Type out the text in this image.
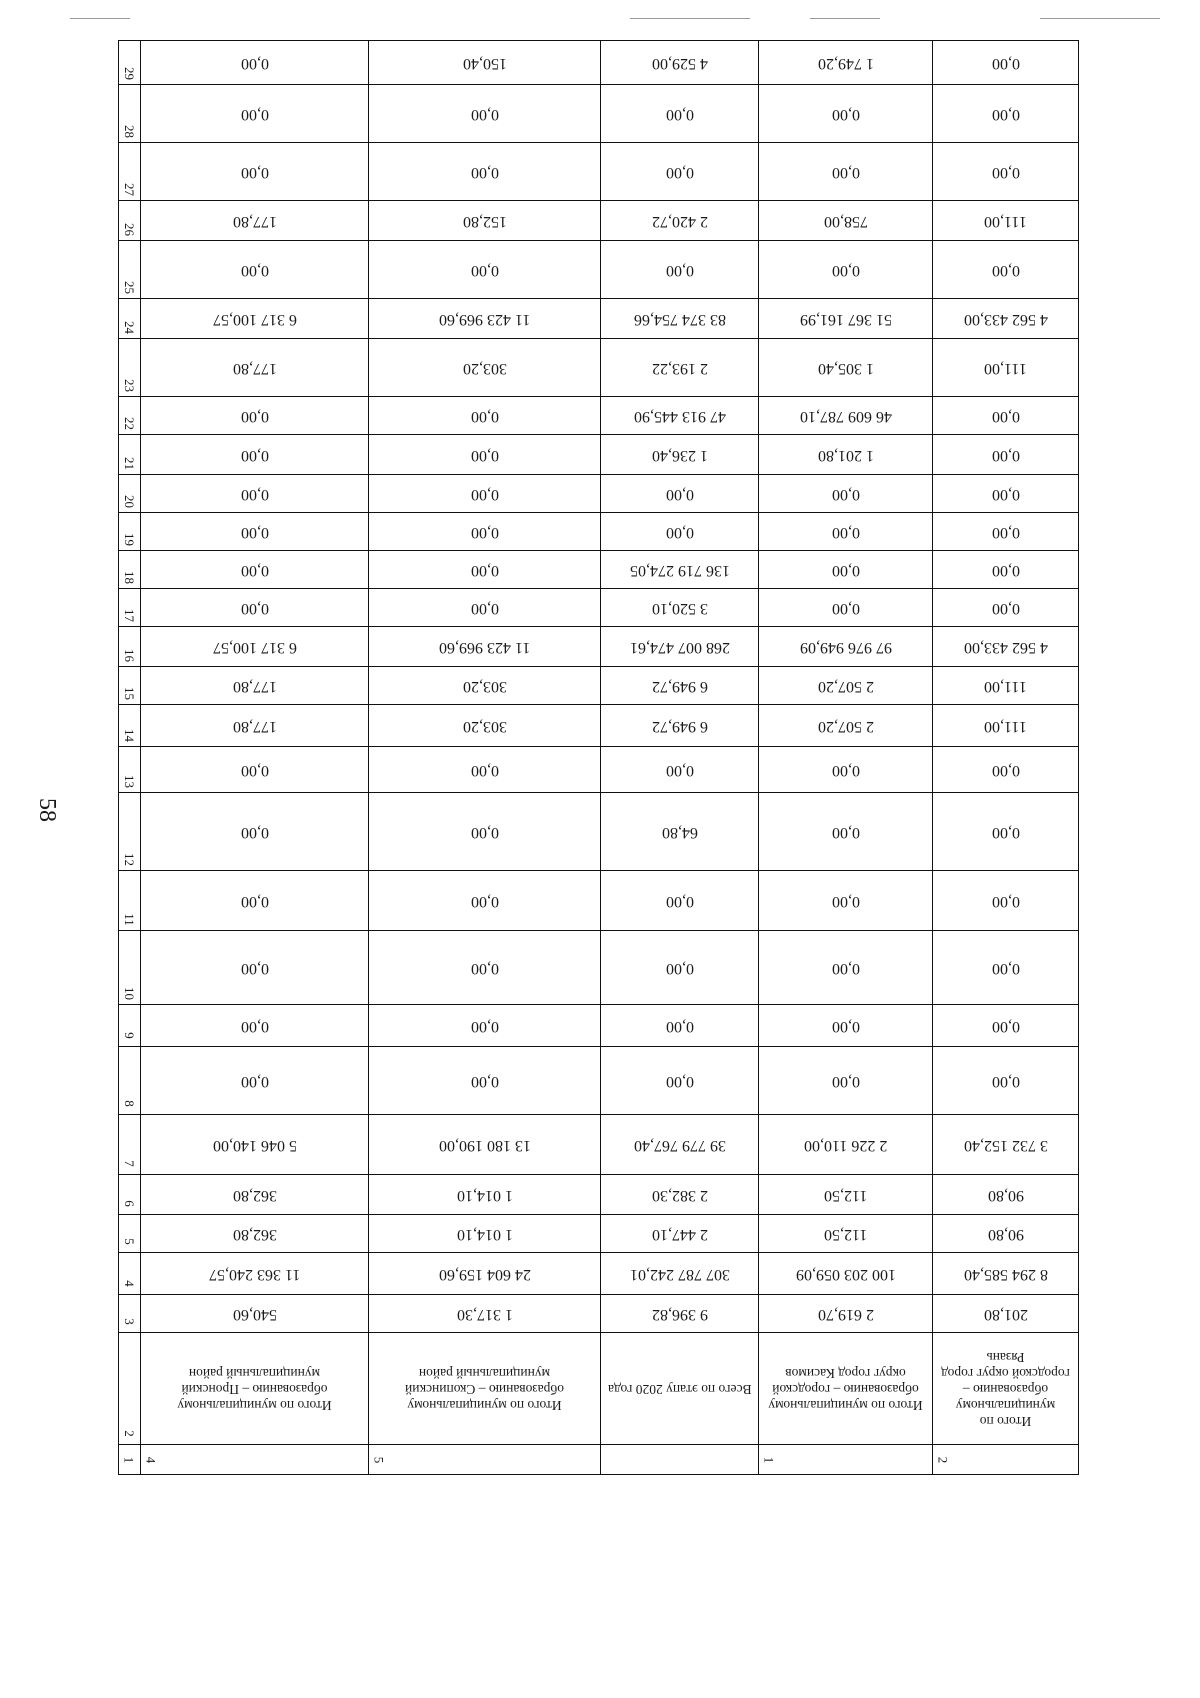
58
29	0,00	150,40	4 529,00	1 749,20	0,00

28	0,00	0,00	0,00	0,00	0,00

27	0,00	0,00	0,00	0,00	0,00

26	177,80	152,80	2 420,72	758,00	111,00

25	0,00	0,00	0,00	0,00	0,00

24	6 317 100,57	11 423 969,60	83 374 754,66	51 367 161,99	4 562 433,00

23	177,80	303,20	2 193,22	1 305,40	111,00

22	0,00	0,00	47 913 445,90	46 609 787,10	0,00

21	0,00	0,00	1 236,40	1 201,80	0,00

20	0,00	0,00	0,00	0,00	0,00

19	0,00	0,00	0,00	0,00	0,00

18	0,00	0,00	136 719 274,05	0,00	0,00

17	0,00	0,00	3 520,10	0,00	0,00

16	6 317 100,57	11 423 969,60	268 007 474,61	97 976 949,09	4 562 433,00

15	177,80	303,20	6 949,72	2 507,20	111,00

14	177,80	303,20	6 949,72	2 507,20	111,00

13	0,00	0,00	0,00	0,00	0,00

12	0,00	0,00	64,80	0,00	0,00

11	0,00	0,00	0,00	0,00	0,00

10	0,00	0,00	0,00	0,00	0,00

9	0,00	0,00	0,00	0,00	0,00

8	0,00	0,00	0,00	0,00	0,00

7	5 046 140,00	13 180 190,00	39 779 767,40	2 226 110,00	3 732 152,40

6	362,80	1 014,10	2 382,30	112,50	90,80

5	362,80	1 014,10	2 447,10	112,50	90,80

4	11 363 240,57	24 604 159,60	307 787 242,01	100 203 059,09	8 294 585,40

3	540,60	1 317,30	9 396,82	2 619,70	201,80

2	Итого по муниципальному образованию – Пронский муниципальный район	Итого по муниципальному образованию – Скопинский муниципальный район	Всего по этапу 2020 года	Итого по муниципальному образованию – городской округ город Касимов	Итого по муниципальному образованию – городской округ город Рязань
1	4	5		1	2
